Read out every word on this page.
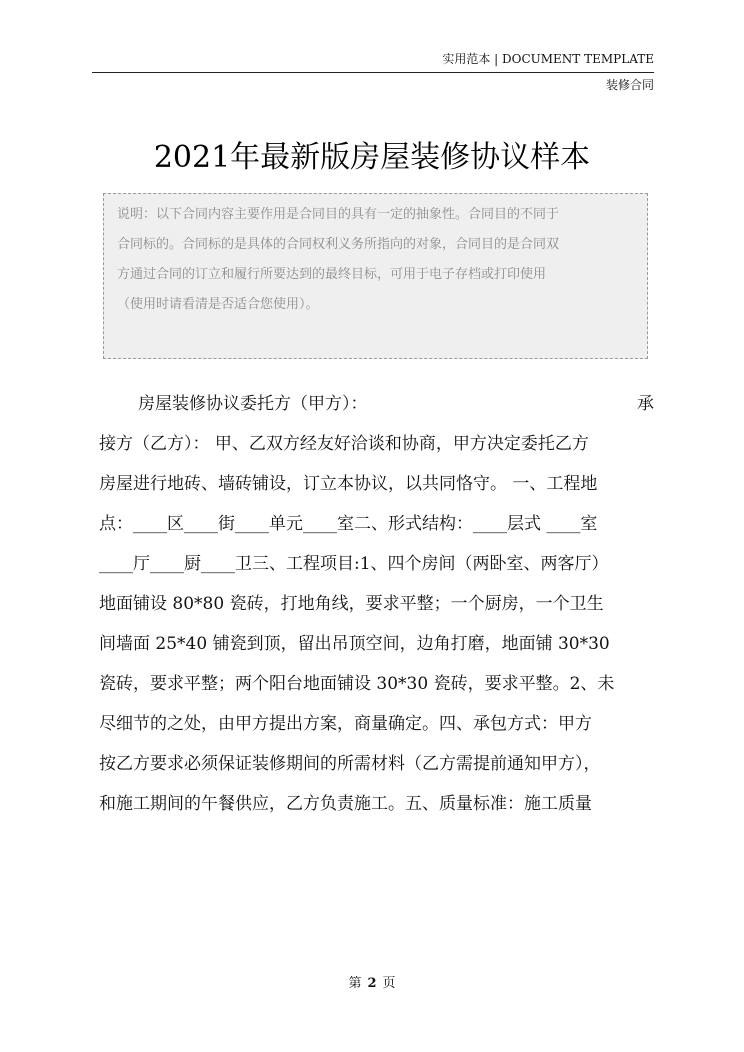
实用范本 | DOCUMENT TEMPLATE
装修合同
2021年最新版房屋装修协议样本
说明：以下合同内容主要作用是合同目的具有一定的抽象性。合同目的不同于
合同标的。合同标的是具体的合同权利义务所指向的对象，合同目的是合同双
方通过合同的订立和履行所要达到的最终目标，可用于电子存档或打印使用
（使用时请看清是否适合您使用）。
房屋装修协议委托方（甲方）：	承
接方（乙方）： 甲、乙双方经友好洽谈和协商，甲方决定委托乙方
房屋进行地砖、墙砖铺设，订立本协议，以共同恪守。 一、工程地
点：____区____街____单元____室二、形式结构：____层式 ____室
____厅____厨____卫三、工程项目:1、四个房间（两卧室、两客厅）
地面铺设 80*80 瓷砖，打地角线，要求平整；一个厨房，一个卫生
间墙面 25*40 铺瓷到顶，留出吊顶空间，边角打磨，地面铺 30*30
瓷砖，要求平整；两个阳台地面铺设 30*30 瓷砖，要求平整。2、未
尽细节的之处，由甲方提出方案，商量确定。四、承包方式：甲方
按乙方要求必须保证装修期间的所需材料（乙方需提前通知甲方），
和施工期间的午餐供应，乙方负责施工。五、质量标准：施工质量
第 2 页
